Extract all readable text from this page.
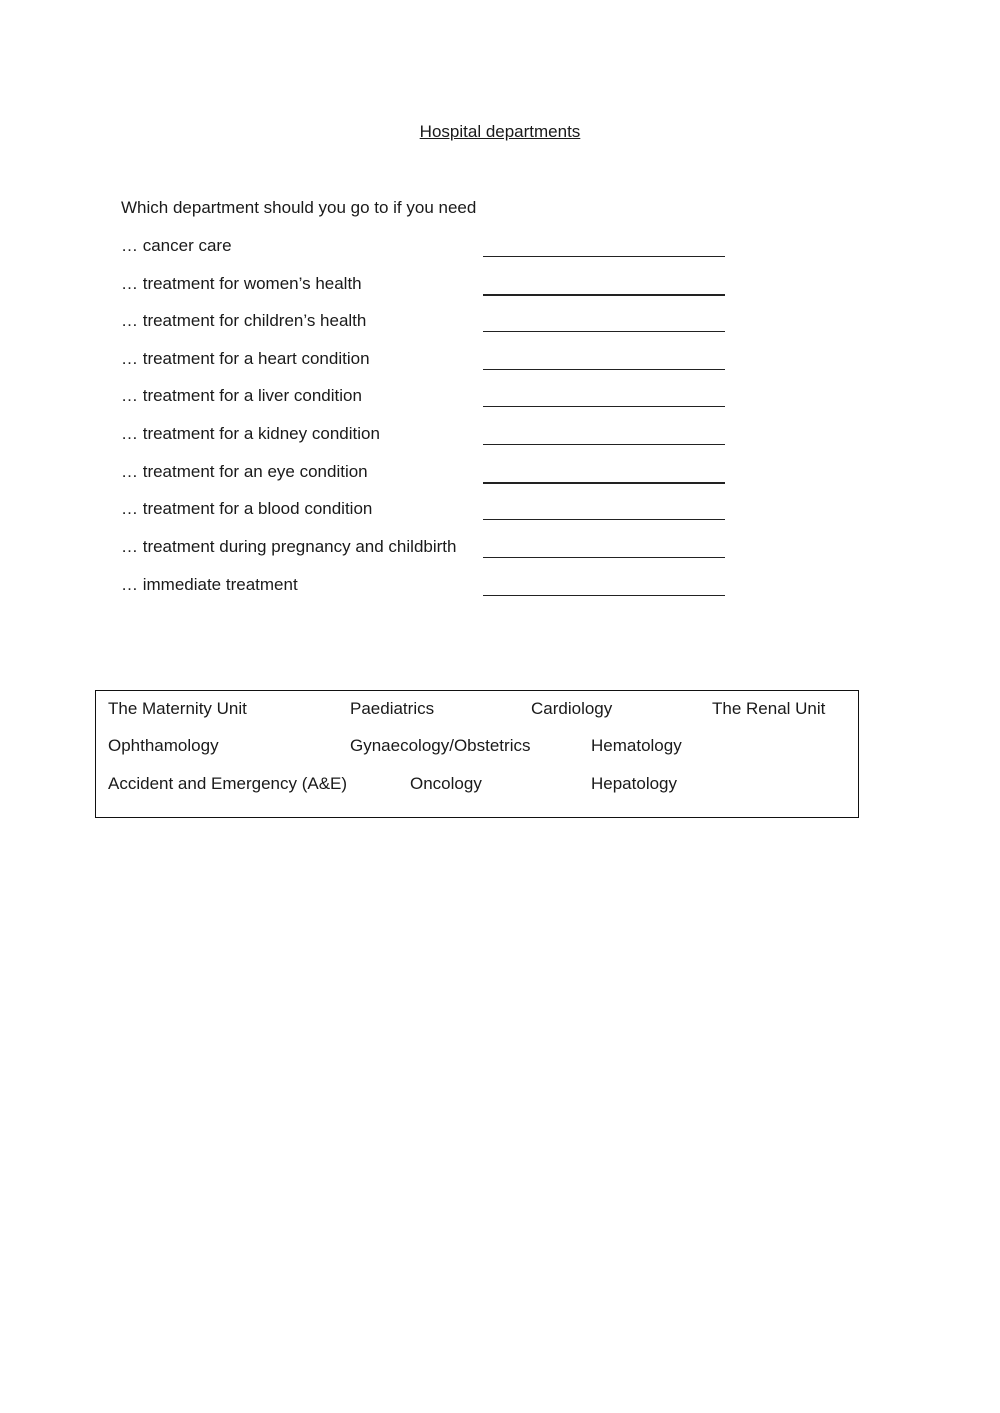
Hospital departments
Which department should you go to if you need
… cancer care
… treatment for women’s health
… treatment for children’s health
… treatment for a heart condition
… treatment for a liver condition
… treatment for a kidney condition
… treatment for an eye condition
… treatment for a blood condition
… treatment during pregnancy and childbirth
… immediate treatment
The Maternity Unit	Paediatrics	Cardiology	The Renal Unit
Ophthamology	Gynaecology/Obstetrics	Hematology
Accident and Emergency (A&E)	Oncology	Hepatology
